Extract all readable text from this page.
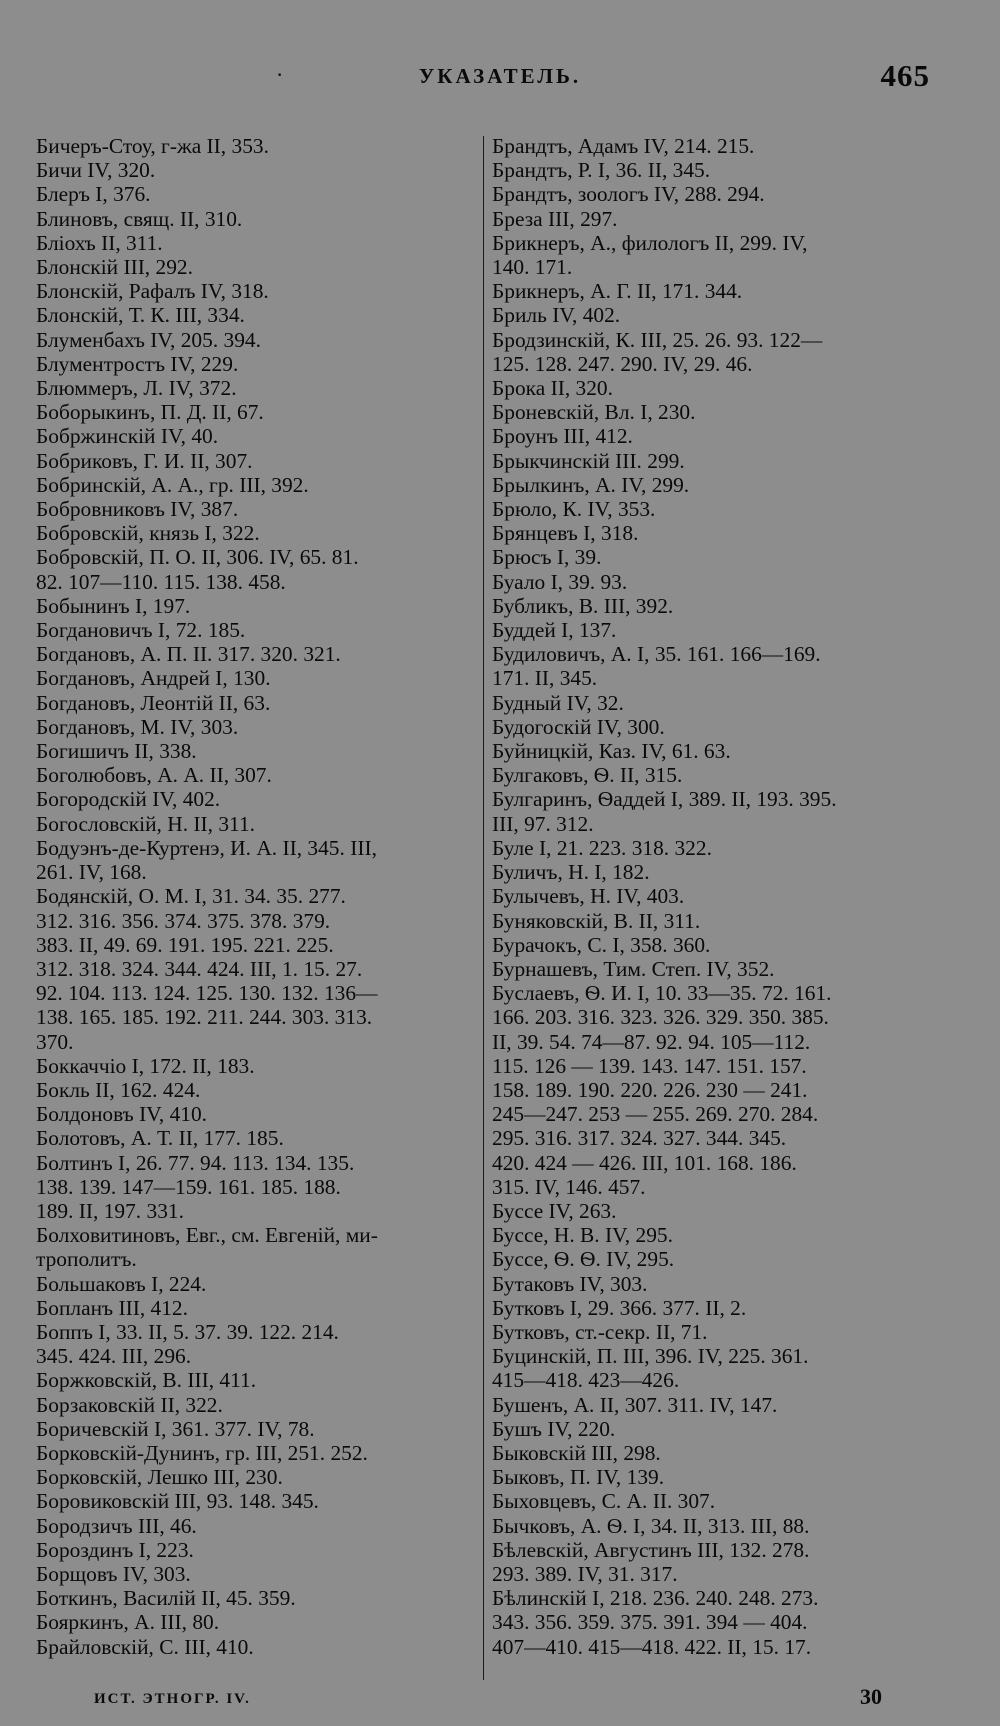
·	УКАЗАТЕЛЬ.	465
Бичеръ-Стоу, г-жа II, 353.
Бичи IV, 320.
Блеръ I, 376.
Блиновъ, свящ. II, 310.
Бліохъ II, 311.
Блонскій III, 292.
Блонскій, Рафалъ IV, 318.
Блонскій, Т. К. III, 334.
Блуменбахъ IV, 205. 394.
Блументростъ IV, 229.
Блюммеръ, Л. IV, 372.
Боборыкинъ, П. Д. II, 67.
Бобржинскій IV, 40.
Бобриковъ, Г. И. II, 307.
Бобринскій, А. А., гр. III, 392.
Бобровниковъ IV, 387.
Бобровскій, князь I, 322.
Бобровскій, П. О. II, 306. IV, 65. 81.
82. 107—110. 115. 138. 458.
Бобынинъ I, 197.
Богдановичъ I, 72. 185.
Богдановъ, А. П. II. 317. 320. 321.
Богдановъ, Андрей I, 130.
Богдановъ, Леонтій II, 63.
Богдановъ, М. IV, 303.
Богишичъ II, 338.
Боголюбовъ, А. А. II, 307.
Богородскій IV, 402.
Богословскій, Н. II, 311.
Бодуэнъ-де-Куртенэ, И. А. II, 345. III,
261. IV, 168.
Бодянскій, О. М. I, 31. 34. 35. 277.
312. 316. 356. 374. 375. 378. 379.
383. II, 49. 69. 191. 195. 221. 225.
312. 318. 324. 344. 424. III, 1. 15. 27.
92. 104. 113. 124. 125. 130. 132. 136—
138. 165. 185. 192. 211. 244. 303. 313.
370.
Боккаччіо I, 172. II, 183.
Бокль II, 162. 424.
Болдоновъ IV, 410.
Болотовъ, А. Т. II, 177. 185.
Болтинъ I, 26. 77. 94. 113. 134. 135.
138. 139. 147—159. 161. 185. 188.
189. II, 197. 331.
Болховитиновъ, Евг., см. Евгеній, ми-
трополитъ.
Большаковъ I, 224.
Бопланъ III, 412.
Боппъ I, 33. II, 5. 37. 39. 122. 214.
345. 424. III, 296.
Боржковскій, В. III, 411.
Борзаковскій II, 322.
Боричевскій I, 361. 377. IV, 78.
Борковскій-Дунинъ, гр. III, 251. 252.
Борковскій, Лешко III, 230.
Боровиковскій III, 93. 148. 345.
Бородзичъ III, 46.
Бороздинъ I, 223.
Борщовъ IV, 303.
Боткинъ, Василій II, 45. 359.
Бояркинъ, А. III, 80.
Брайловскій, С. III, 410.
Брандтъ, Адамъ IV, 214. 215.
Брандтъ, Р. I, 36. II, 345.
Брандтъ, зоологъ IV, 288. 294.
Бреза III, 297.
Брикнеръ, А., филологъ II, 299. IV,
140. 171.
Брикнеръ, А. Г. II, 171. 344.
Бриль IV, 402.
Бродзинскій, К. III, 25. 26. 93. 122—
125. 128. 247. 290. IV, 29. 46.
Брока II, 320.
Броневскій, Вл. I, 230.
Броунъ III, 412.
Брыкчинскій III. 299.
Брылкинъ, А. IV, 299.
Брюло, К. IV, 353.
Брянцевъ I, 318.
Брюсъ I, 39.
Буало I, 39. 93.
Бубликъ, В. III, 392.
Буддей I, 137.
Будиловичъ, А. I, 35. 161. 166—169.
171. II, 345.
Будный IV, 32.
Будогоскій IV, 300.
Буйницкій, Каз. IV, 61. 63.
Булгаковъ, Ѳ. II, 315.
Булгаринъ, Ѳаддей I, 389. II, 193. 395.
III, 97. 312.
Буле I, 21. 223. 318. 322.
Буличъ, Н. I, 182.
Булычевъ, Н. IV, 403.
Буняковскій, В. II, 311.
Бурачокъ, С. I, 358. 360.
Бурнашевъ, Тим. Степ. IV, 352.
Буслаевъ, Ѳ. И. I, 10. 33—35. 72. 161.
166. 203. 316. 323. 326. 329. 350. 385.
II, 39. 54. 74—87. 92. 94. 105—112.
115. 126 — 139. 143. 147. 151. 157.
158. 189. 190. 220. 226. 230 — 241.
245—247. 253 — 255. 269. 270. 284.
295. 316. 317. 324. 327. 344. 345.
420. 424 — 426. III, 101. 168. 186.
315. IV, 146. 457.
Буссе IV, 263.
Буссе, Н. В. IV, 295.
Буссе, Ѳ. Ѳ. IV, 295.
Бутаковъ IV, 303.
Бутковъ I, 29. 366. 377. II, 2.
Бутковъ, ст.-секр. II, 71.
Буцинскій, П. III, 396. IV, 225. 361.
415—418. 423—426.
Бушенъ, А. II, 307. 311. IV, 147.
Бушъ IV, 220.
Быковскій III, 298.
Быковъ, П. IV, 139.
Быховцевъ, С. А. II. 307.
Бычковъ, А. Ѳ. I, 34. II, 313. III, 88.
Бѣлевскій, Августинъ III, 132. 278.
293. 389. IV, 31. 317.
Бѣлинскій I, 218. 236. 240. 248. 273.
343. 356. 359. 375. 391. 394 — 404.
407—410. 415—418. 422. II, 15. 17.
ИСТ. ЭТНОГР. IV.	30
